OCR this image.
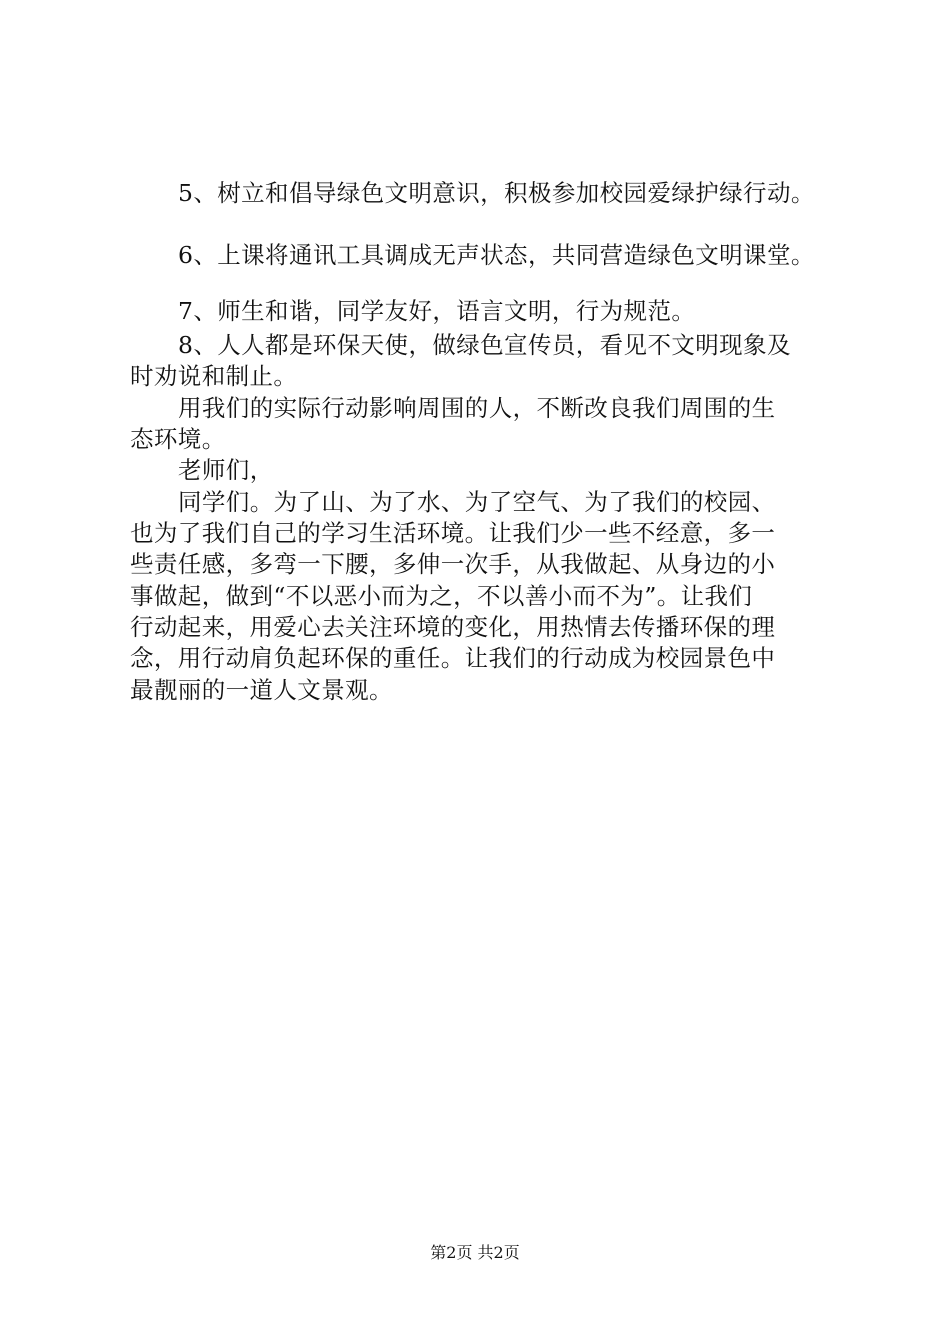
5、树立和倡导绿色文明意识，积极参加校园爱绿护绿行动。
6、上课将通讯工具调成无声状态，共同营造绿色文明课堂。
7、师生和谐，同学友好，语言文明，行为规范。
8、人人都是环保天使，做绿色宣传员，看见不文明现象及
时劝说和制止。
用我们的实际行动影响周围的人，不断改良我们周围的生
态环境。
老师们，
同学们。为了山、为了水、为了空气、为了我们的校园、
也为了我们自己的学习生活环境。让我们少一些不经意，多一
些责任感，多弯一下腰，多伸一次手，从我做起、从身边的小
事做起，做到“不以恶小而为之，不以善小而不为”。让我们
行动起来，用爱心去关注环境的变化，用热情去传播环保的理
念，用行动肩负起环保的重任。让我们的行动成为校园景色中
最靓丽的一道人文景观。
第2页 共2页
